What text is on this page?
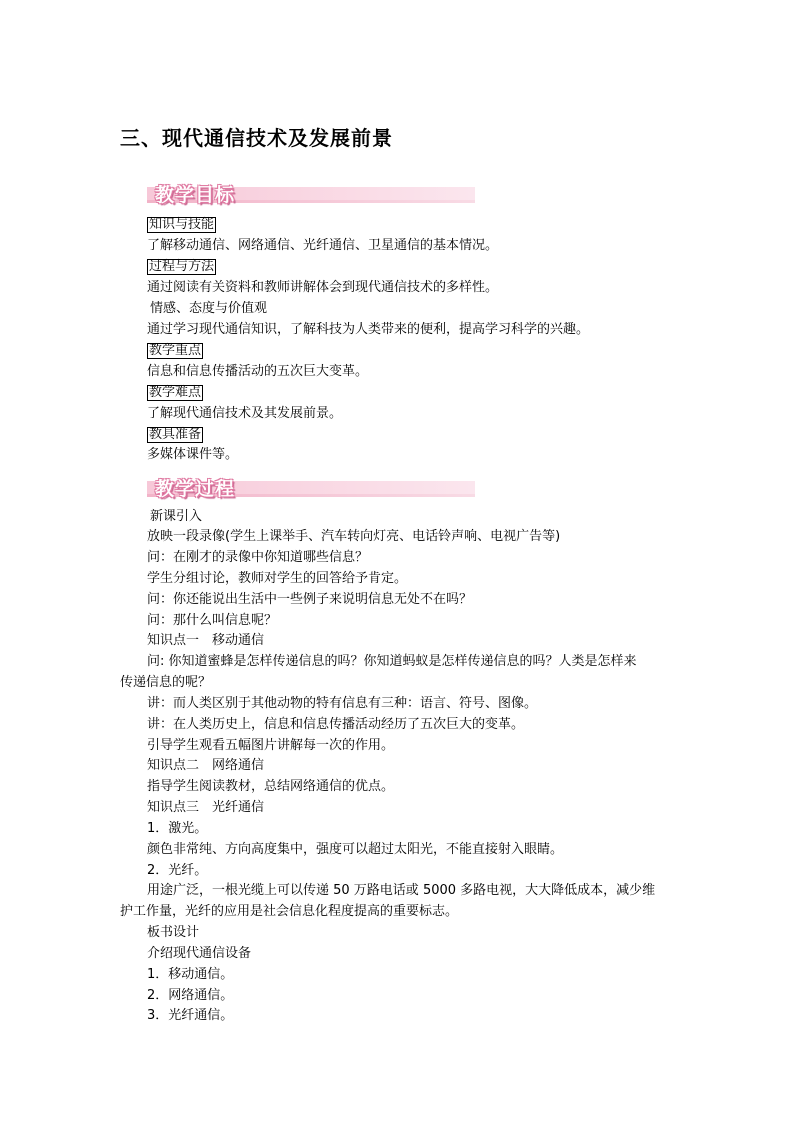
三、现代通信技术及发展前景
教学目标
知识与技能
了解移动通信、网络通信、光纤通信、卫星通信的基本情况。
过程与方法
通过阅读有关资料和教师讲解体会到现代通信技术的多样性。
情感、态度与价值观
通过学习现代通信知识，了解科技为人类带来的便利，提高学习科学的兴趣。
教学重点
信息和信息传播活动的五次巨大变革。
教学难点
了解现代通信技术及其发展前景。
教具准备
多媒体课件等。
教学过程
新课引入
放映一段录像(学生上课举手、汽车转向灯亮、电话铃声响、电视广告等)
问：在刚才的录像中你知道哪些信息？
学生分组讨论，教师对学生的回答给予肯定。
问：你还能说出生活中一些例子来说明信息无处不在吗？
问：那什么叫信息呢？
知识点一　移动通信
问: 你知道蜜蜂是怎样传递信息的吗？你知道蚂蚁是怎样传递信息的吗？人类是怎样来
传递信息的呢？
讲：而人类区别于其他动物的特有信息有三种：语言、符号、图像。
讲：在人类历史上，信息和信息传播活动经历了五次巨大的变革。
引导学生观看五幅图片讲解每一次的作用。
知识点二　网络通信
指导学生阅读教材，总结网络通信的优点。
知识点三　光纤通信
1．激光。
颜色非常纯、方向高度集中，强度可以超过太阳光，不能直接射入眼睛。
2．光纤。
用途广泛，一根光缆上可以传递 50 万路电话或 5000 多路电视，大大降低成本，减少维
护工作量，光纤的应用是社会信息化程度提高的重要标志。
板书设计
介绍现代通信设备
1．移动通信。
2．网络通信。
3．光纤通信。
